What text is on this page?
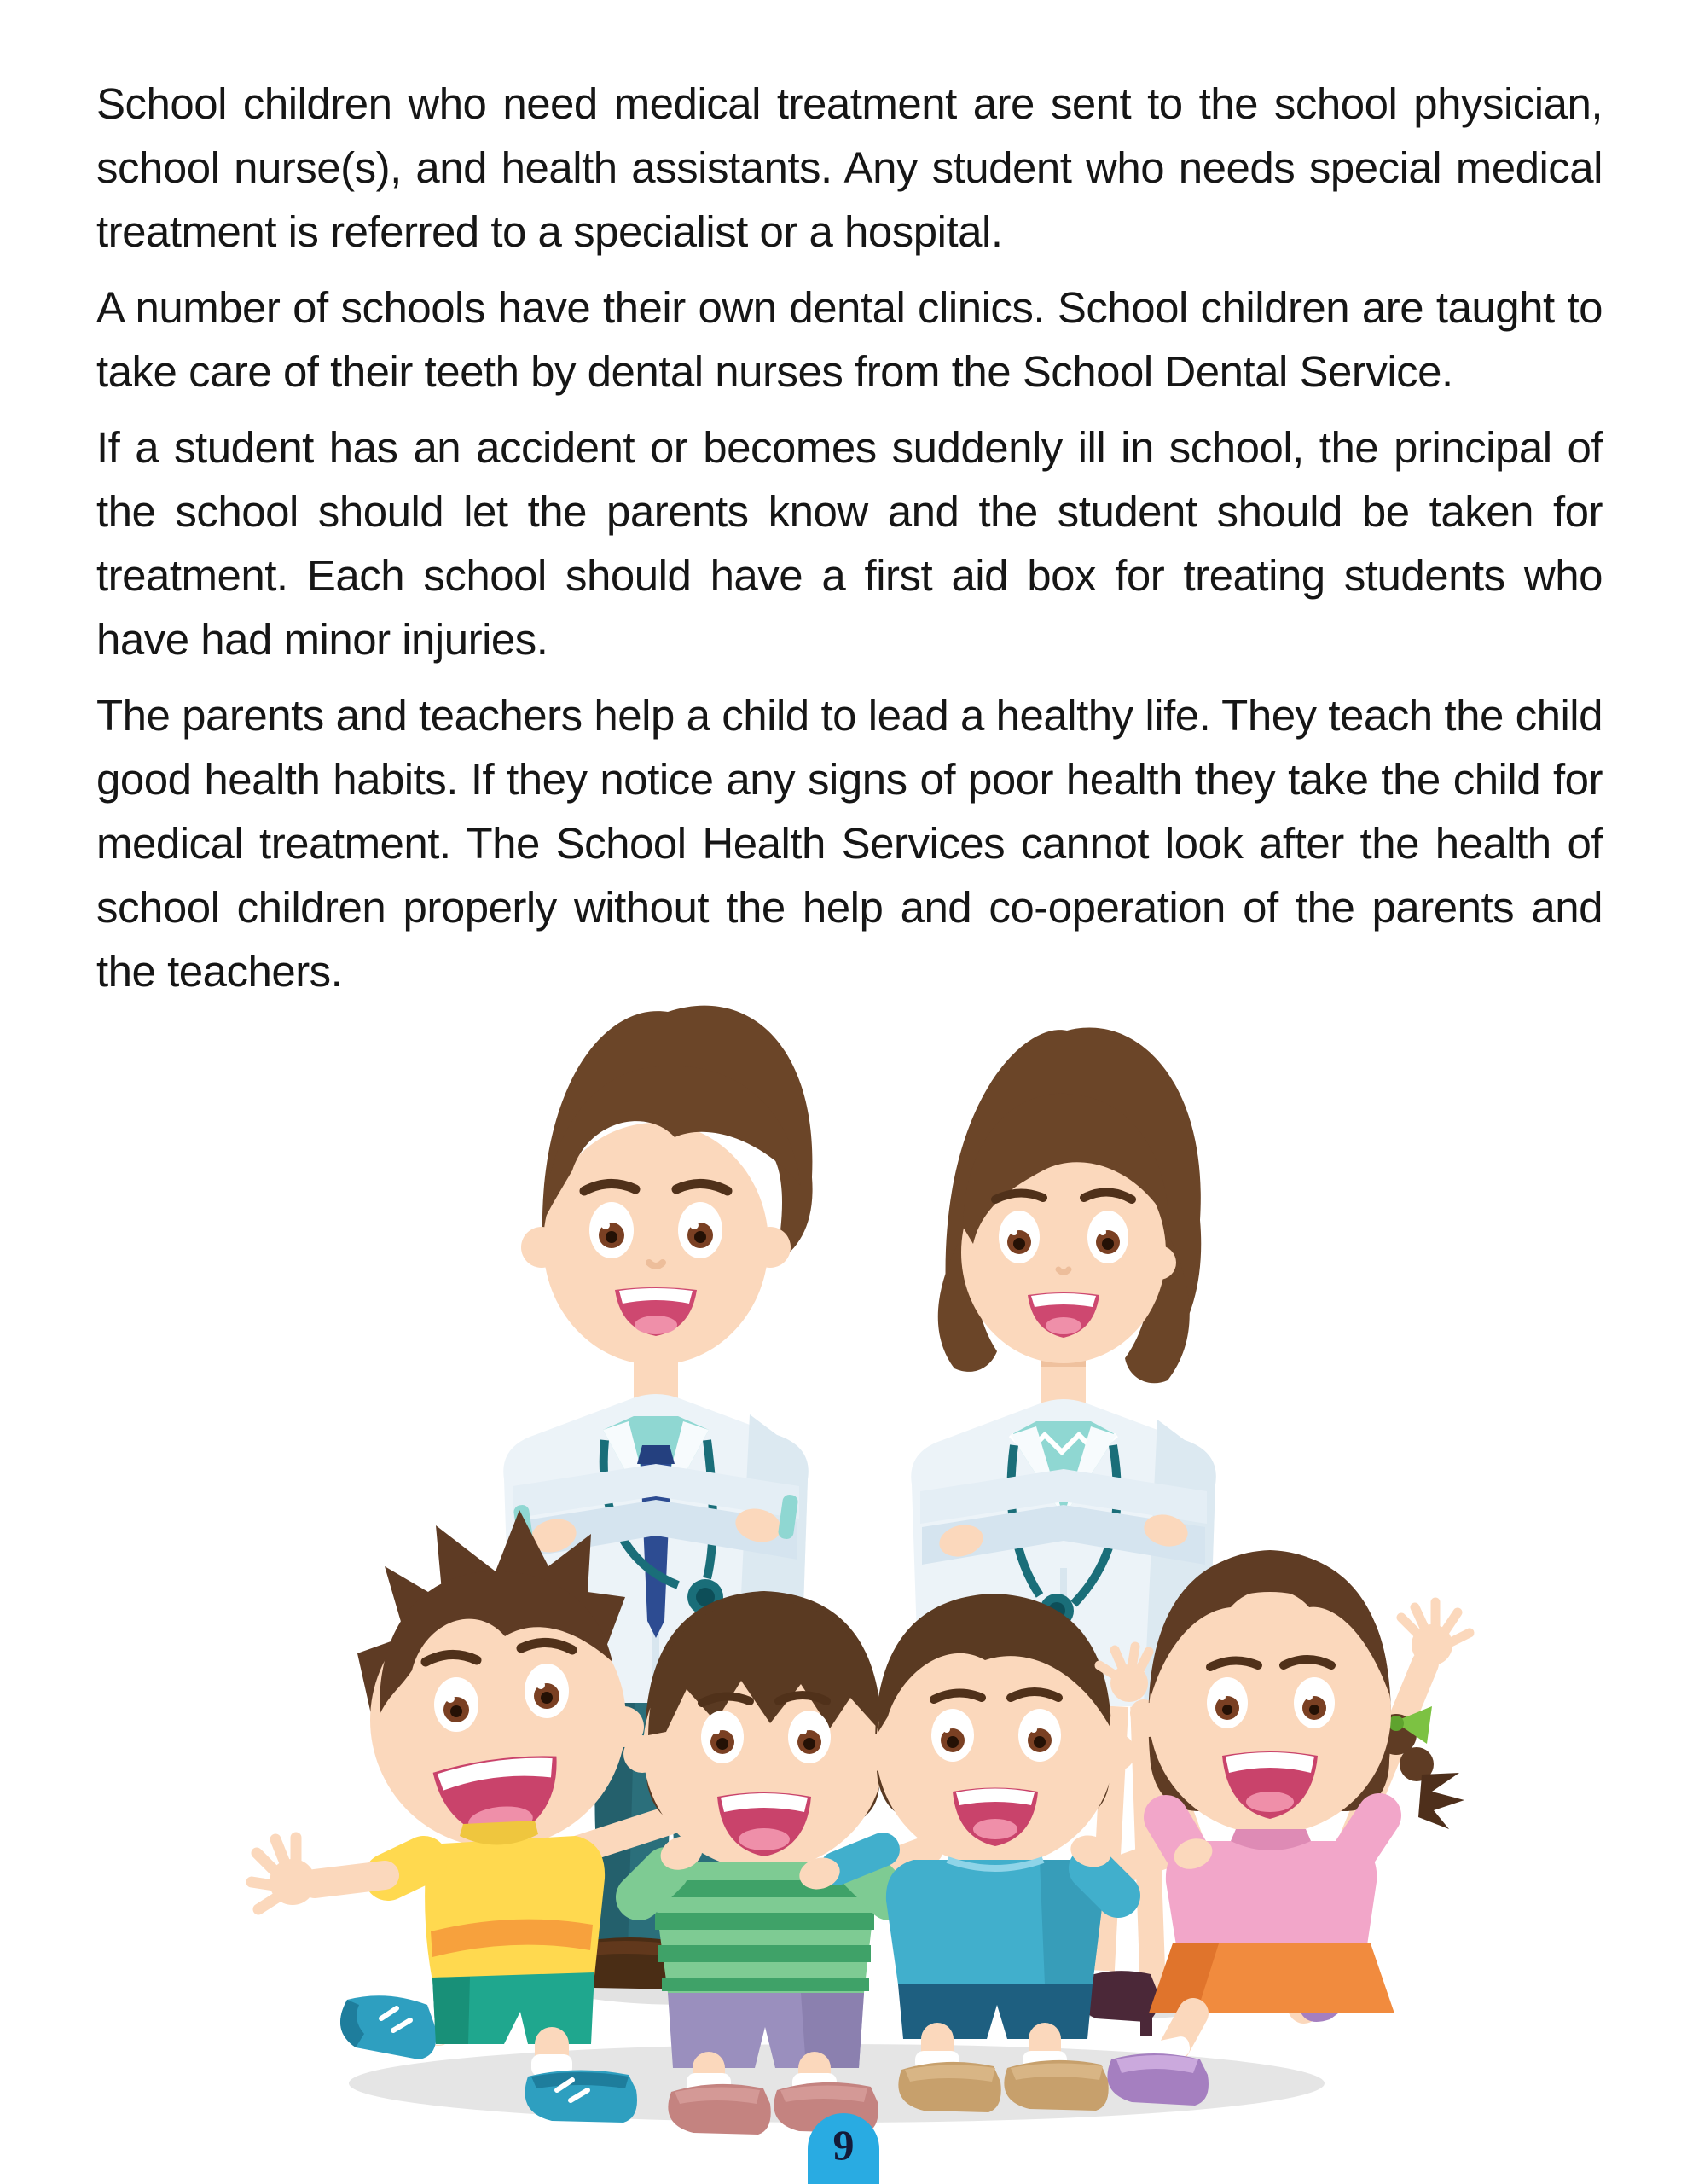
School children who need medical treatment are sent to the school physician, school nurse(s), and health assistants. Any student who needs special medical treatment is referred to a specialist or a hospital.

A number of schools have their own dental clinics. School children are taught to take care of their teeth by dental nurses from the School Dental Service.

If a student has an accident or becomes suddenly ill in school, the principal of the school should let the parents know and the student should be taken for treatment. Each school should have a first aid box for treating students who have had minor injuries.

The parents and teachers help a child to lead a healthy life. They teach the child good health habits. If they notice any signs of poor health they take the child for medical treatment. The School Health Services cannot look after the health of school children properly without the help and co-operation of the parents and the teachers.

9
